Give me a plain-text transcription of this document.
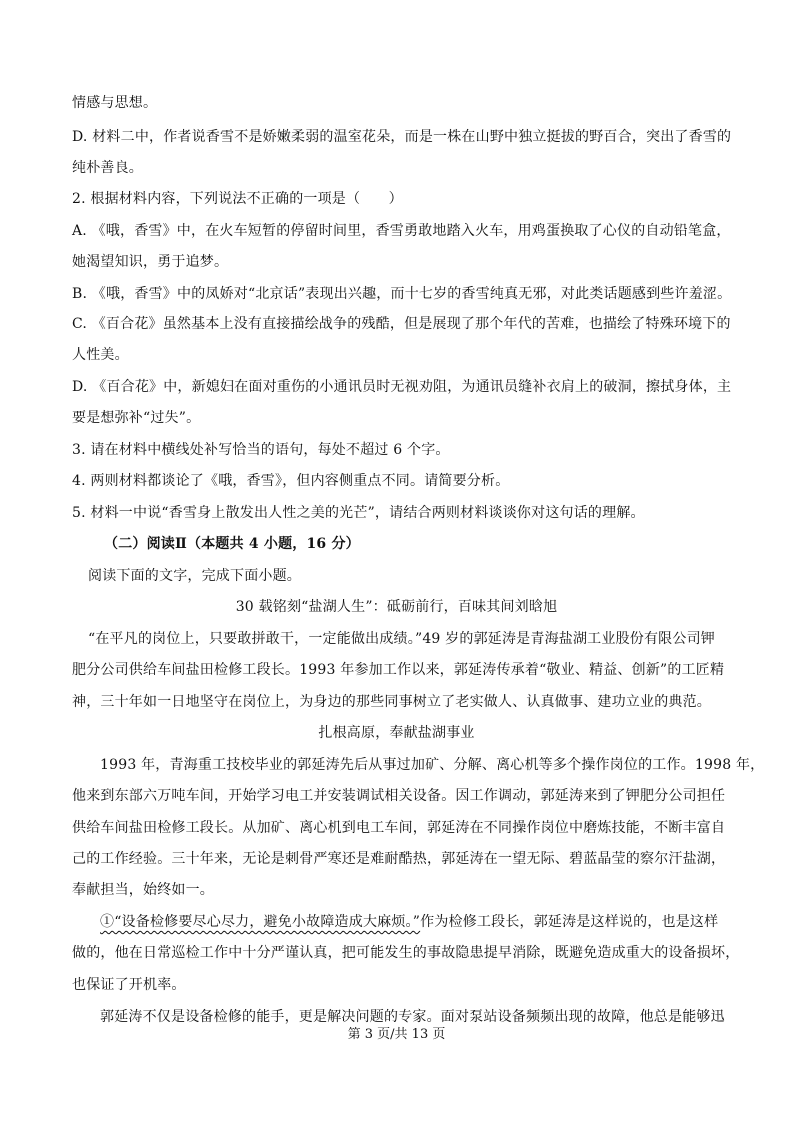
情感与思想。
D. 材料二中，作者说香雪不是娇嫩柔弱的温室花朵，而是一株在山野中独立挺拔的野百合，突出了香雪的
纯朴善良。
2. 根据材料内容，下列说法不正确的一项是（　　）
A. 《哦，香雪》中，在火车短暂的停留时间里，香雪勇敢地踏入火车，用鸡蛋换取了心仪的自动铅笔盒，
她渴望知识，勇于追梦。
B. 《哦，香雪》中的凤娇对“北京话”表现出兴趣，而十七岁的香雪纯真无邪，对此类话题感到些许羞涩。
C. 《百合花》虽然基本上没有直接描绘战争的残酷，但是展现了那个年代的苦难，也描绘了特殊环境下的
人性美。
D. 《百合花》中，新媳妇在面对重伤的小通讯员时无视劝阻，为通讯员缝补衣肩上的破洞，擦拭身体，主
要是想弥补“过失”。
3. 请在材料中横线处补写恰当的语句，每处不超过 6 个字。
4. 两则材料都谈论了《哦，香雪》，但内容侧重点不同。请简要分析。
5. 材料一中说“香雪身上散发出人性之美的光芒”，请结合两则材料谈谈你对这句话的理解。
（二）阅读Ⅱ（本题共 4 小题，16 分）
阅读下面的文字，完成下面小题。
30 载铭刻“盐湖人生”：砥砺前行，百味其间刘晗旭
“在平凡的岗位上，只要敢拼敢干，一定能做出成绩。”49 岁的郭延涛是青海盐湖工业股份有限公司钾
肥分公司供给车间盐田检修工段长。1993 年参加工作以来，郭延涛传承着“敬业、精益、创新”的工匠精
神，三十年如一日地坚守在岗位上，为身边的那些同事树立了老实做人、认真做事、建功立业的典范。
扎根高原，奉献盐湖事业
1993 年，青海重工技校毕业的郭延涛先后从事过加矿、分解、离心机等多个操作岗位的工作。1998 年，
他来到东部六万吨车间，开始学习电工并安装调试相关设备。因工作调动，郭延涛来到了钾肥分公司担任
供给车间盐田检修工段长。从加矿、离心机到电工车间，郭延涛在不同操作岗位中磨炼技能，不断丰富自
己的工作经验。三十年来，无论是刺骨严寒还是难耐酷热，郭延涛在一望无际、碧蓝晶莹的察尔汗盐湖，
奉献担当，始终如一。
①“设备检修要尽心尽力，避免小故障造成大麻烦。”作为检修工段长，郭延涛是这样说的，也是这样
做的，他在日常巡检工作中十分严谨认真，把可能发生的事故隐患提早消除，既避免造成重大的设备损坏，
也保证了开机率。
郭延涛不仅是设备检修的能手，更是解决问题的专家。面对泵站设备频频出现的故障，他总是能够迅
第 3 页/共 13 页
